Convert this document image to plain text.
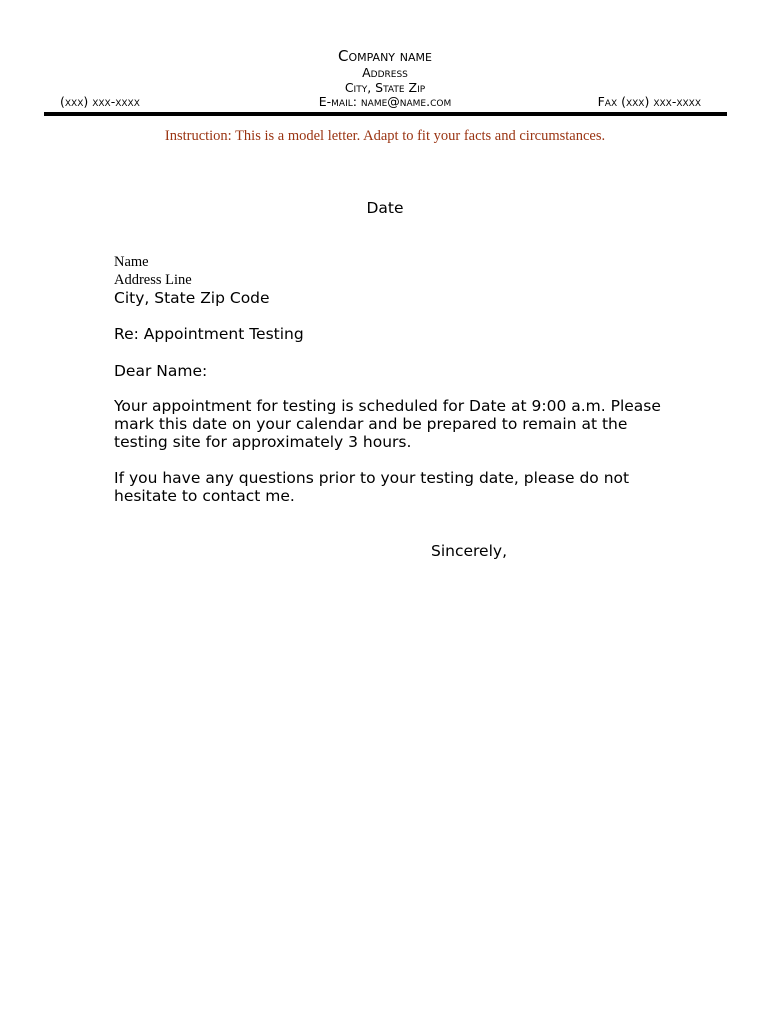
Company name
Address
City, State Zip
E-mail: name@name.com
(xxx) xxx-xxxx	Fax (xxx) xxx-xxxx
Instruction: This is a model letter. Adapt to fit your facts and circumstances.
Date
Name
Address Line
City, State Zip Code
Re: Appointment Testing
Dear Name:
Your appointment for testing is scheduled for Date at 9:00 a.m. Please
mark this date on your calendar and be prepared to remain at the
testing site for approximately 3 hours.
If you have any questions prior to your testing date, please do not
hesitate to contact me.
Sincerely,
